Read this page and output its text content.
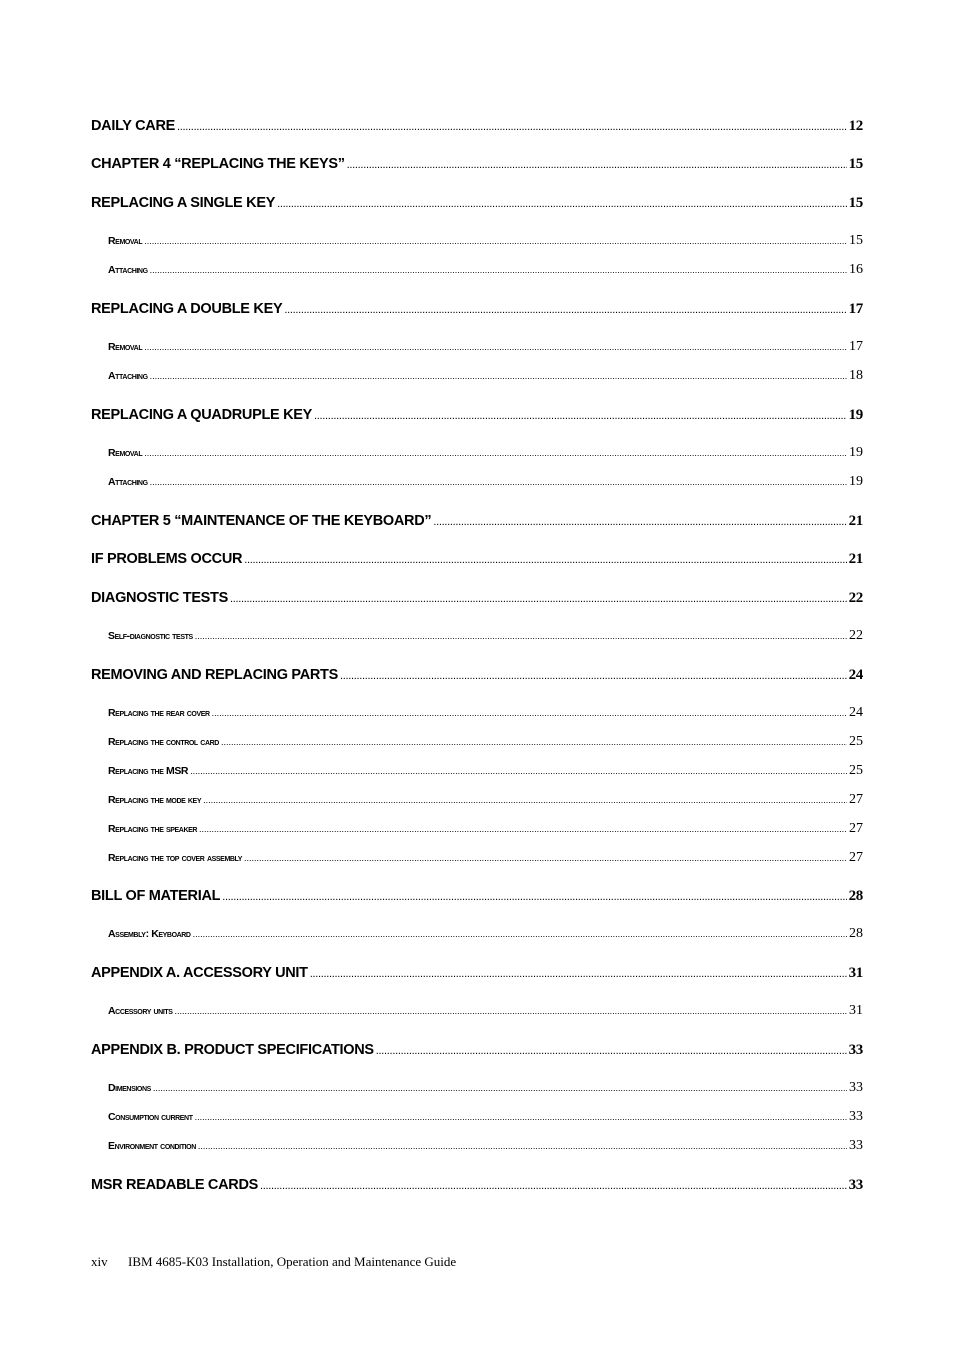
DAILY CARE .....	12
CHAPTER 4 “REPLACING THE KEYS” .....	15
REPLACING A SINGLE KEY .....	15
Removal .....	15
Attaching .....	16
REPLACING A DOUBLE KEY .....	17
Removal .....	17
Attaching .....	18
REPLACING A QUADRUPLE KEY .....	19
Removal .....	19
Attaching .....	19
CHAPTER 5 “MAINTENANCE OF THE KEYBOARD” .....	21
IF PROBLEMS OCCUR .....	21
DIAGNOSTIC TESTS .....	22
Self-diagnostic tests .....	22
REMOVING AND REPLACING PARTS .....	24
Replacing the rear cover .....	24
Replacing the control card .....	25
Replacing the MSR .....	25
Replacing the mode key .....	27
Replacing the speaker .....	27
Replacing the top cover assembly .....	27
BILL OF MATERIAL .....	28
Assembly: Keyboard .....	28
APPENDIX A. ACCESSORY UNIT .....	31
Accessory units .....	31
APPENDIX B. PRODUCT SPECIFICATIONS .....	33
Dimensions .....	33
Consumption current .....	33
Environment condition .....	33
MSR READABLE CARDS .....	33
xiv IBM 4685-K03 Installation, Operation and Maintenance Guide
